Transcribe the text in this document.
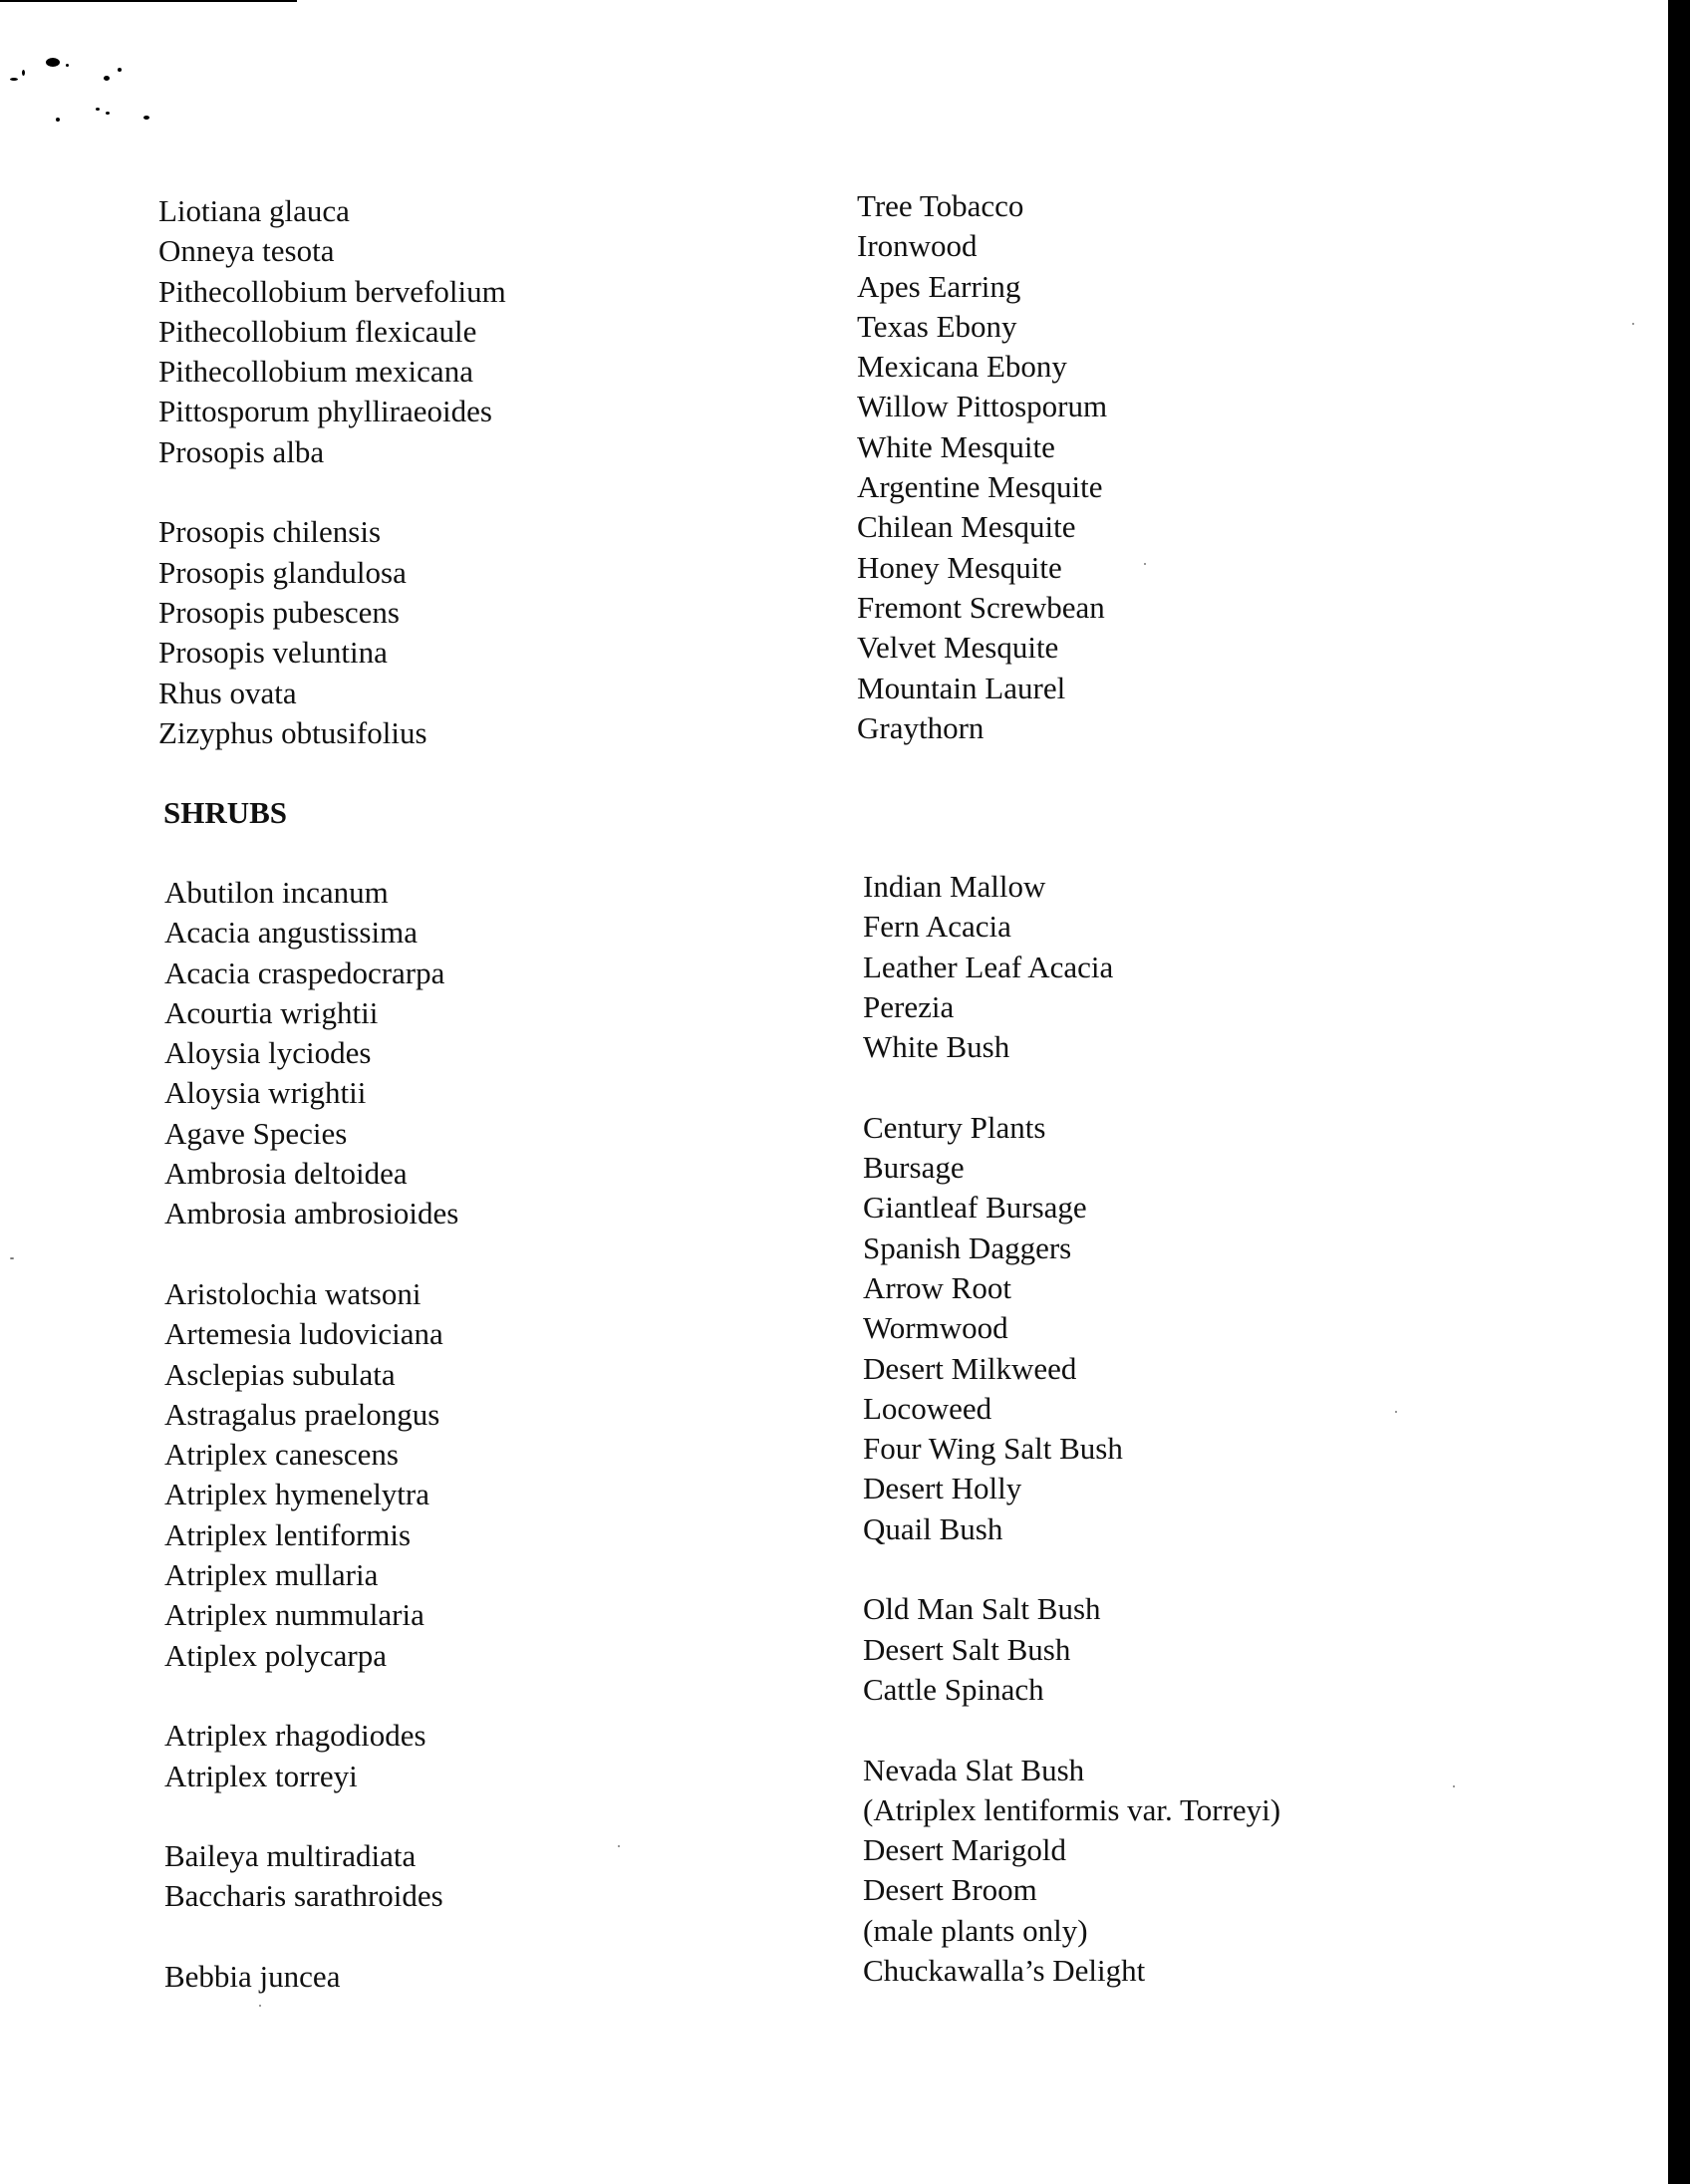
Liotiana glauca
Onneya tesota
Pithecollobium bervefolium
Pithecollobium flexicaule
Pithecollobium mexicana
Pittosporum phylliraeoides
Prosopis alba
Prosopis chilensis
Prosopis glandulosa
Prosopis pubescens
Prosopis veluntina
Rhus ovata
Zizyphus obtusifolius
Tree Tobacco
Ironwood
Apes Earring
Texas Ebony
Mexicana Ebony
Willow Pittosporum
White Mesquite
Argentine Mesquite
Chilean Mesquite
Honey Mesquite
Fremont Screwbean
Velvet Mesquite
Mountain Laurel
Graythorn
SHRUBS
Abutilon incanum
Acacia angustissima
Acacia craspedocrarpa
Acourtia wrightii
Aloysia lyciodes
Aloysia wrightii
Agave Species
Ambrosia deltoidea
Ambrosia ambrosioides
Aristolochia watsoni
Artemesia ludoviciana
Asclepias subulata
Astragalus praelongus
Atriplex canescens
Atriplex hymenelytra
Atriplex lentiformis
Atriplex mullaria
Atriplex nummularia
Atiplex polycarpa
Atriplex rhagodiodes
Atriplex torreyi
Baileya multiradiata
Baccharis sarathroides
Bebbia juncea
Indian Mallow
Fern Acacia
Leather Leaf Acacia
Perezia
White Bush
Century Plants
Bursage
Giantleaf Bursage
Spanish Daggers
Arrow Root
Wormwood
Desert Milkweed
Locoweed
Four Wing Salt Bush
Desert Holly
Quail Bush
Old Man Salt Bush
Desert Salt Bush
Cattle Spinach
Nevada Slat Bush
(Atriplex lentiformis var. Torreyi)
Desert Marigold
Desert Broom
(male plants only)
Chuckawalla’s Delight
